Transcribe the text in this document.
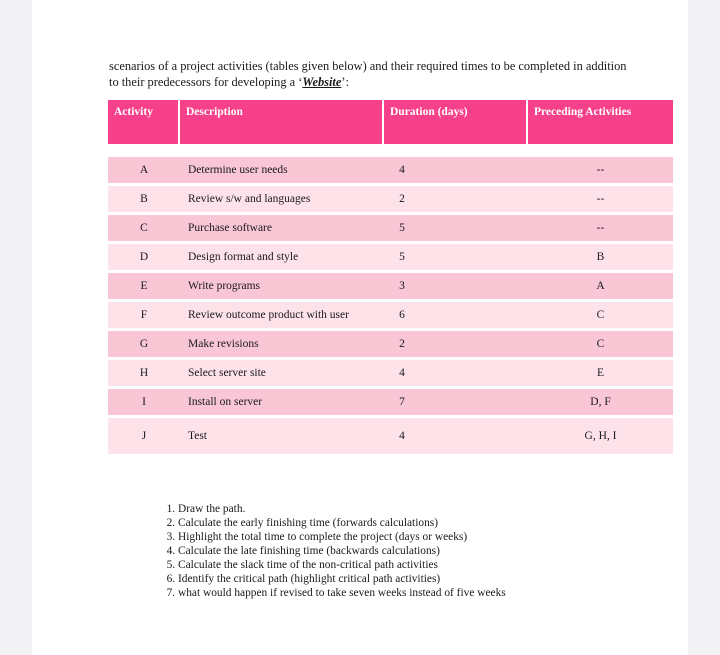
scenarios of a project activities (tables given below) and their required times to be completed in addition to their predecessors for developing a ‘Website’:
Activity	Description	Duration (days)	Preceding Activities
A	Determine user needs	4	--
B	Review s/w and languages	2	--
C	Purchase software	5	--
D	Design format and style	5	B
E	Write programs	3	A
F	Review outcome product with user	6	C
G	Make revisions	2	C
H	Select server site	4	E
I	Install on server	7	D, F
J	Test	4	G, H, I
1. Draw the path.
2. Calculate the early finishing time (forwards calculations)
3. Highlight the total time to complete the project (days or weeks)
4. Calculate the late finishing time (backwards calculations)
5. Calculate the slack time of the non-critical path activities
6. Identify the critical path (highlight critical path activities)
7. what would happen if revised to take seven weeks instead of five weeks
